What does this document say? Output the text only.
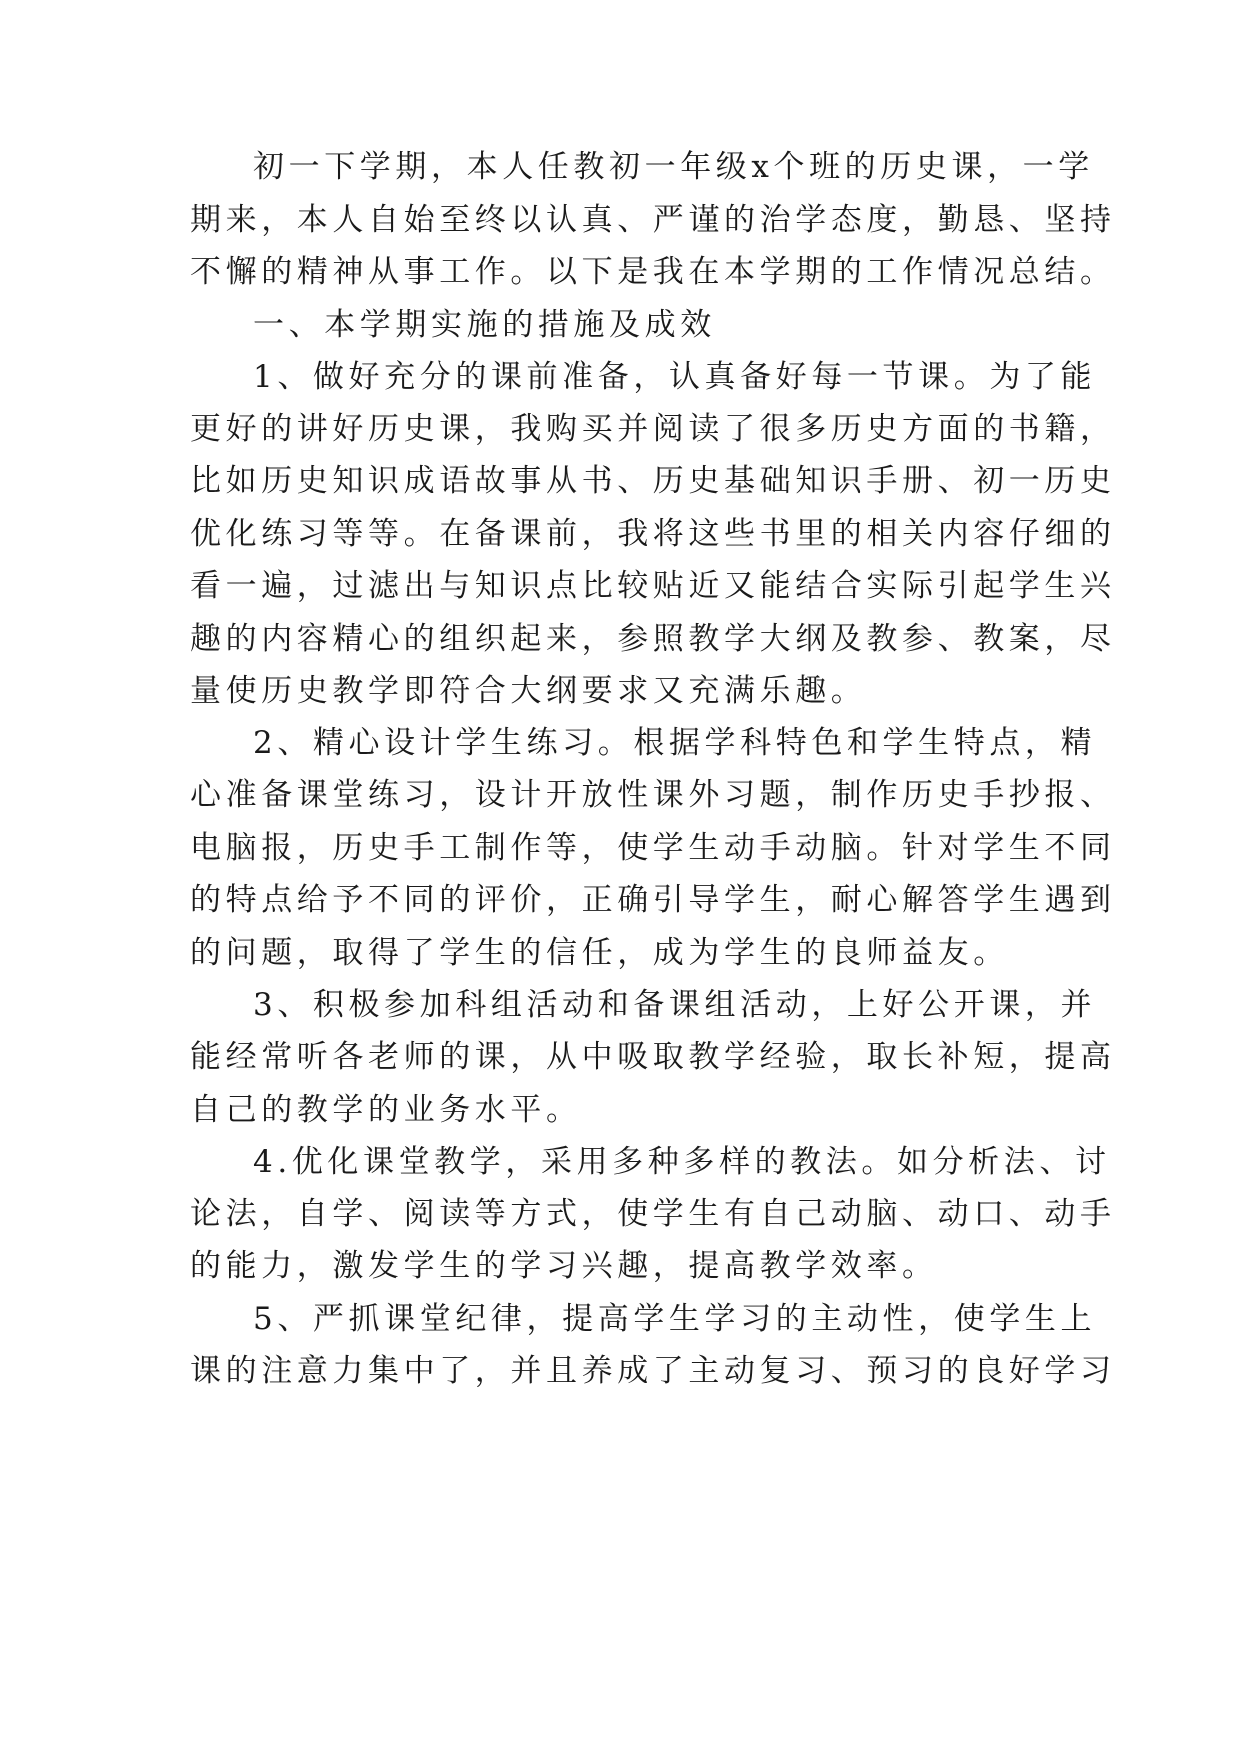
初一下学期，本人任教初一年级x个班的历史课，一学
期来，本人自始至终以认真、严谨的治学态度，勤恳、坚持
不懈的精神从事工作。以下是我在本学期的工作情况总结。
一、本学期实施的措施及成效
1、做好充分的课前准备，认真备好每一节课。为了能
更好的讲好历史课，我购买并阅读了很多历史方面的书籍，
比如历史知识成语故事从书、历史基础知识手册、初一历史
优化练习等等。在备课前，我将这些书里的相关内容仔细的
看一遍，过滤出与知识点比较贴近又能结合实际引起学生兴
趣的内容精心的组织起来，参照教学大纲及教参、教案，尽
量使历史教学即符合大纲要求又充满乐趣。
2、精心设计学生练习。根据学科特色和学生特点，精
心准备课堂练习，设计开放性课外习题，制作历史手抄报、
电脑报，历史手工制作等，使学生动手动脑。针对学生不同
的特点给予不同的评价，正确引导学生，耐心解答学生遇到
的问题，取得了学生的信任，成为学生的良师益友。
3、积极参加科组活动和备课组活动，上好公开课，并
能经常听各老师的课，从中吸取教学经验，取长补短，提高
自己的教学的业务水平。
4.优化课堂教学，采用多种多样的教法。如分析法、讨
论法，自学、阅读等方式，使学生有自己动脑、动口、动手
的能力，激发学生的学习兴趣，提高教学效率。
5、严抓课堂纪律，提高学生学习的主动性，使学生上
课的注意力集中了，并且养成了主动复习、预习的良好学习
